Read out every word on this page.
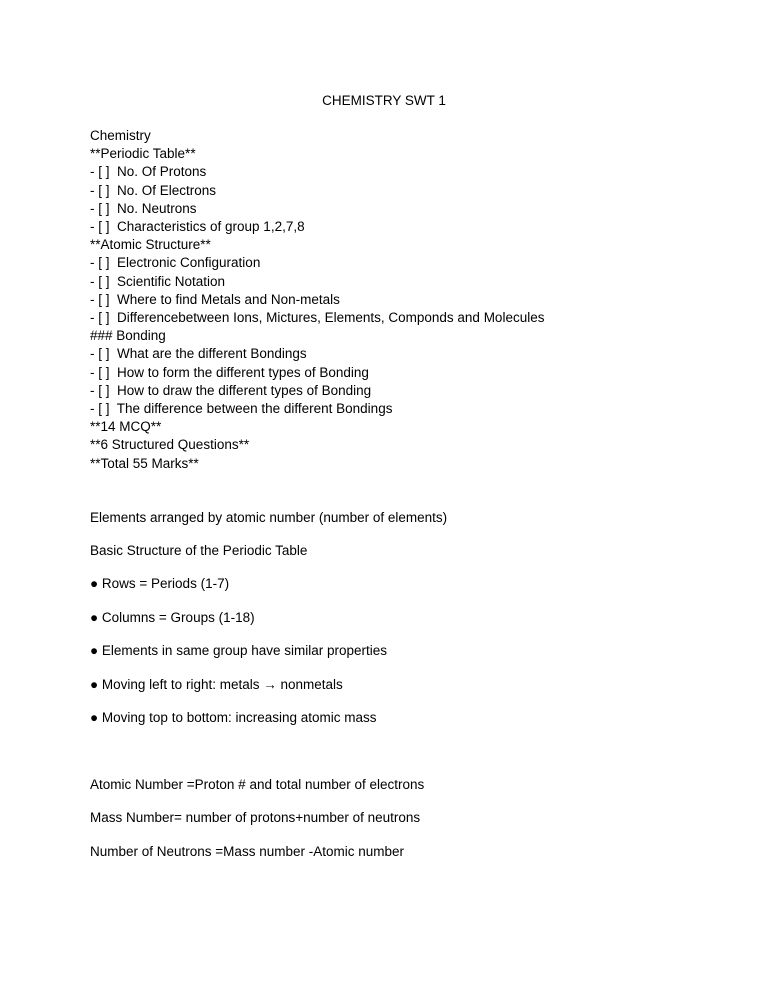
CHEMISTRY SWT 1
Chemistry
**Periodic Table**
- [ ]  No. Of Protons
- [ ]  No. Of Electrons
- [ ]  No. Neutrons
- [ ]  Characteristics of group 1,2,7,8
**Atomic Structure**
- [ ]  Electronic Configuration
- [ ]  Scientific Notation
- [ ]  Where to find Metals and Non-metals
- [ ]  Differencebetween Ions, Mictures, Elements, Componds and Molecules
### Bonding
- [ ]  What are the different Bondings
- [ ]  How to form the different types of Bonding
- [ ]  How to draw the different types of Bonding
- [ ]  The difference between the different Bondings
**14 MCQ**
**6 Structured Questions**
**Total 55 Marks**
Elements arranged by atomic number (number of elements)
Basic Structure of the Periodic Table
● Rows = Periods (1-7)
● Columns = Groups (1-18)
● Elements in same group have similar properties
● Moving left to right: metals → nonmetals
● Moving top to bottom: increasing atomic mass
Atomic Number =Proton # and total number of electrons
Mass Number= number of protons+number of neutrons
Number of Neutrons =Mass number -Atomic number
